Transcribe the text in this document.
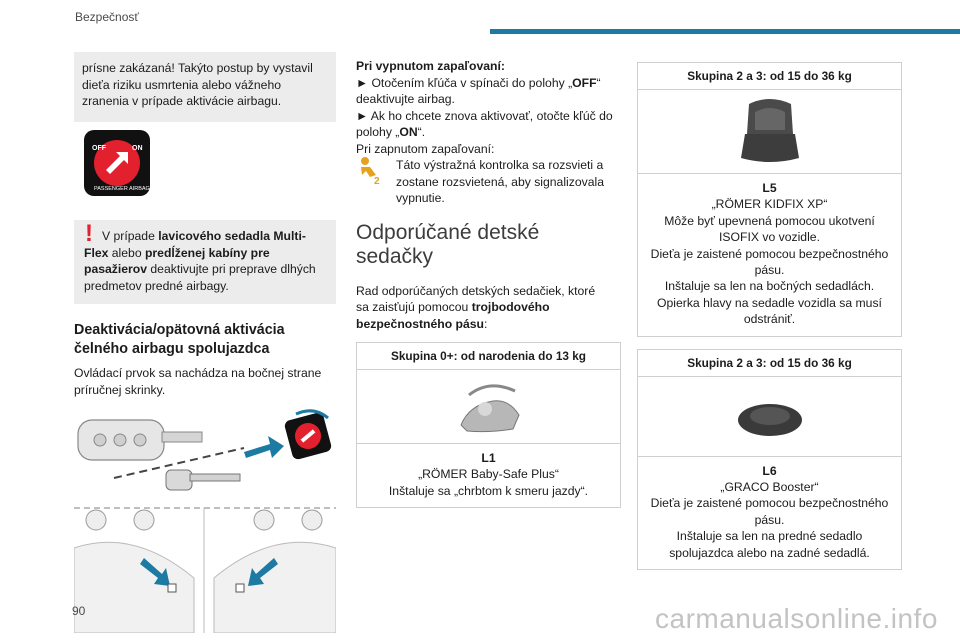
Bezpečnosť
prísne zakázaná! Takýto postup by vystavil dieťa riziku usmrtenia alebo vážneho zranenia v prípade aktivácie airbagu.
OFF	ON
PASSENGER AIRBAG
! V prípade lavicového sedadla Multi-Flex alebo predĺženej kabíny pre pasažierov deaktivujte pri preprave dlhých predmetov predné airbagy.

Deaktivácia/opätovná aktivácia čelného airbagu spolujazdca
Ovládací prvok sa nachádza na bočnej strane príručnej skrinky.

Pri vypnutom zapaľovaní:

► Otočením kľúča v spínači do polohy „OFF“ deaktivujte airbag.

► Ak ho chcete znova aktivovať, otočte kľúč do polohy „ON“.

Pri zapnutom zapaľovaní:

2
Táto výstražná kontrolka sa rozsvieti a zostane rozsvietená, aby signalizovala vypnutie.

Odporúčané detské sedačky
Rad odporúčaných detských sedačiek, ktoré sa zaisťujú pomocou trojbodového bezpečnostného pásu:
Skupina 0+: od narodenia do 13 kg
L1
„RÖMER Baby-Safe Plus“
Inštaluje sa „chrbtom k smeru jazdy“.
Skupina 2 a 3: od 15 do 36 kg
L5
„RÖMER KIDFIX XP“
Môže byť upevnená pomocou ukotvení ISOFIX vo vozidle.
Dieťa je zaistené pomocou bezpečnostného pásu.
Inštaluje sa len na bočných sedadlách.
Opierka hlavy na sedadle vozidla sa musí odstrániť.
Skupina 2 a 3: od 15 do 36 kg
L6
„GRACO Booster“
Dieťa je zaistené pomocou bezpečnostného pásu.
Inštaluje sa len na predné sedadlo spolujazdca alebo na zadné sedadlá.
90	carmanualsonline.info
